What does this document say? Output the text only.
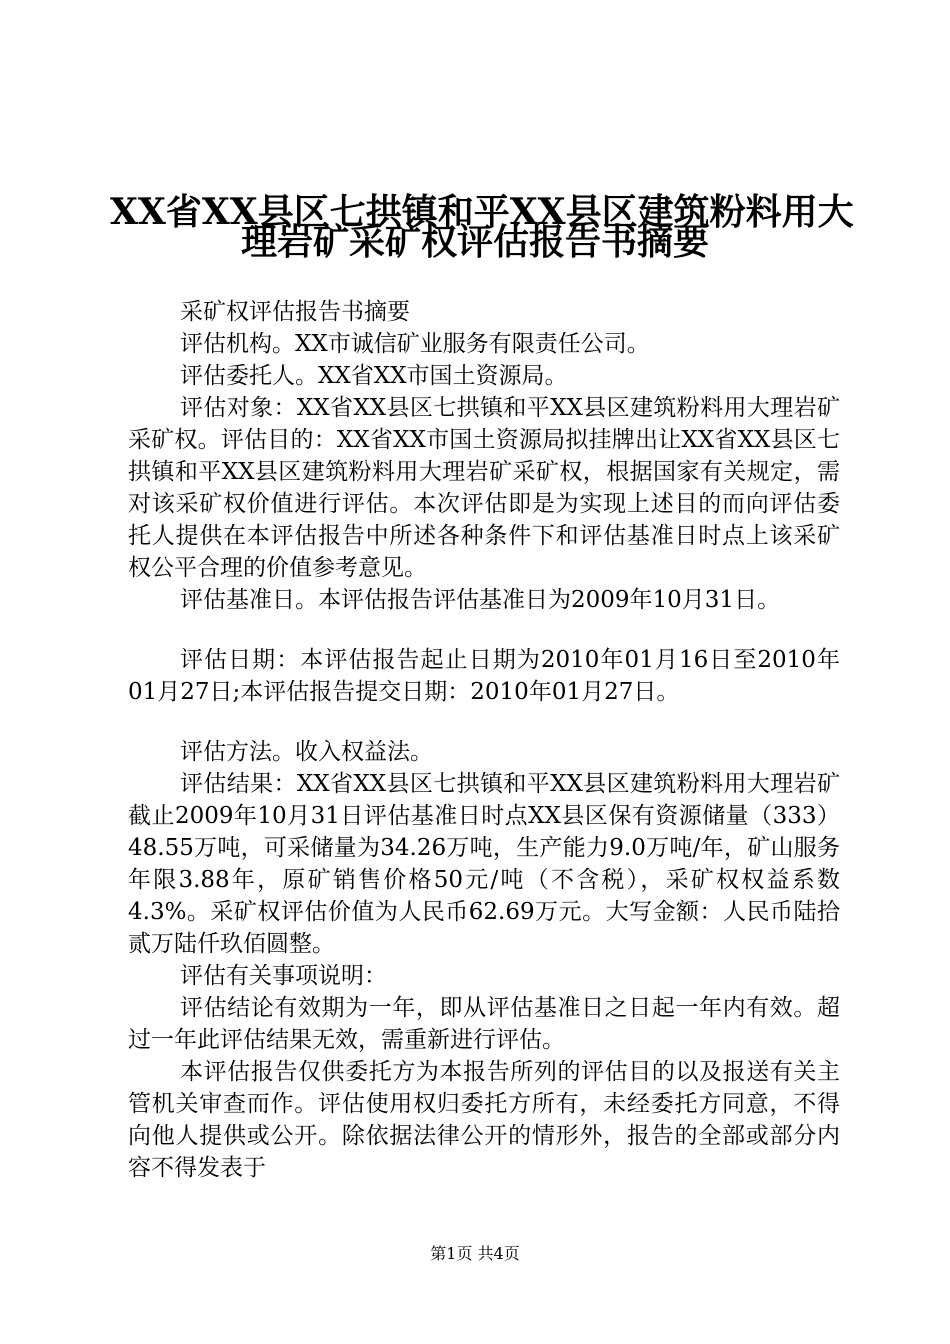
XX省XX县区七拱镇和平XX县区建筑粉料用大
理岩矿采矿权评估报告书摘要

采矿权评估报告书摘要

评估机构。XX市诚信矿业服务有限责任公司。

评估委托人。XX省XX市国土资源局。

评估对象：XX省XX县区七拱镇和平XX县区建筑粉料用大理岩矿采矿权。评估目的：XX省XX市国土资源局拟挂牌出让XX省XX县区七拱镇和平XX县区建筑粉料用大理岩矿采矿权，根据国家有关规定，需对该采矿权价值进行评估。本次评估即是为实现上述目的而向评估委托人提供在本评估报告中所述各种条件下和评估基准日时点上该采矿权公平合理的价值参考意见。

评估基准日。本评估报告评估基准日为2009年10月31日。

评估日期：本评估报告起止日期为2010年01月16日至2010年01月27日;本评估报告提交日期：2010年01月27日。

评估方法。收入权益法。

评估结果：XX省XX县区七拱镇和平XX县区建筑粉料用大理岩矿截止2009年10月31日评估基准日时点XX县区保有资源储量（333）48.55万吨，可采储量为34.26万吨，生产能力9.0万吨/年，矿山服务年限3.88年，原矿销售价格50元/吨（不含税），采矿权权益系数4.3%。采矿权评估价值为人民币62.69万元。大写金额：人民币陆拾贰万陆仟玖佰圆整。

评估有关事项说明：

评估结论有效期为一年，即从评估基准日之日起一年内有效。超过一年此评估结果无效，需重新进行评估。

本评估报告仅供委托方为本报告所列的评估目的以及报送有关主管机关审查而作。评估使用权归委托方所有，未经委托方同意，不得向他人提供或公开。除依据法律公开的情形外，报告的全部或部分内容不得发表于

第1页 共4页
